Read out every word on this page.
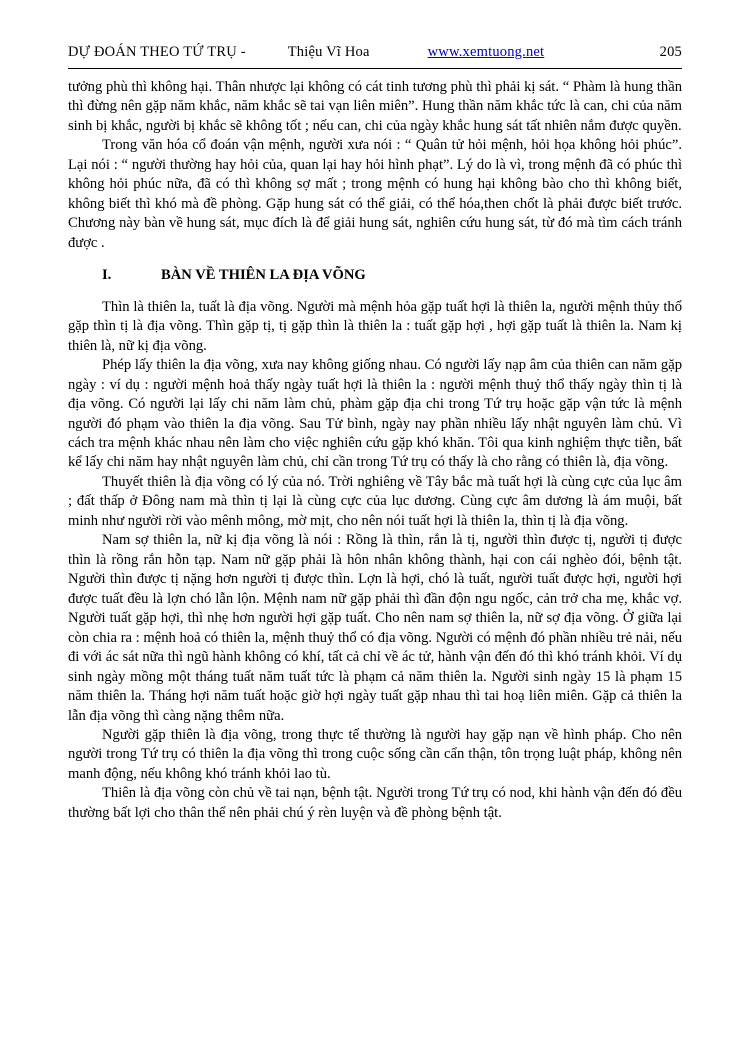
DỰ ĐOÁN THEO TỨ TRỤ -	Thiệu Vĩ Hoa	www.xemtuong.net	205

tưởng phù thì không hại. Thân nhược lại không có cát tinh tương phù thì phải kị sát. “ Phàm là hung thần thì đừng nên gặp năm khắc, năm khắc sẽ tai vạn liên miên”. Hung thần năm khắc tức là can, chi của năm sinh bị khắc, người bị khắc sẽ không tốt ; nếu can, chi của ngày khắc hung sát tất nhiên nắm được quyền.

Trong văn hóa cổ đoán vận mệnh, người xưa nói : “ Quân tử hỏi mệnh, hỏi họa không hỏi phúc”. Lại nói : “ người thường hay hỏi của, quan lại hay hỏi hình phạt”. Lý do là vì, trong mệnh đã có phúc thì không hỏi phúc nữa, đã có thì không sợ mất ; trong mệnh có hung hại không bào cho thì không biết, không biết thì khó mà đề phòng. Gặp hung sát có thể giải, có thể hóa,then chốt là phải được biết trước. Chương này bàn về hung sát, mục đích là để giải hung sát, nghiên cứu hung sát, từ đó mà tìm cách tránh được .

I.	BÀN VỀ THIÊN LA ĐỊA VÕNG

Thìn là thiên la, tuất là địa võng. Người mà mệnh hỏa gặp tuất hợi là thiên la, người mệnh thủy thổ gặp thìn tị là địa võng. Thìn gặp tị, tị gặp thìn là thiên la : tuất gặp hợi , hợi gặp tuất là thiên la. Nam kị thiên là, nữ kị địa võng.

Phép lấy thiên la địa võng, xưa nay không giống nhau. Có người lấy nạp âm của thiên can năm gặp ngày : ví dụ : người mệnh hoả thấy ngày tuất hợi là thiên la : người mệnh thuỷ thổ thấy ngày thìn tị là địa võng. Có người lại lấy chi năm làm chủ, phàm gặp địa chi trong Tứ trụ hoặc gặp vận tức là mệnh người đó phạm vào thiên la địa võng. Sau Tử bình, ngày nay phần nhiều lấy nhật nguyên làm chủ. Vì cách tra mệnh khác nhau nên làm cho việc nghiên cứu gặp khó khăn. Tôi qua kinh nghiệm thực tiễn, bất kể lấy chi năm hay nhật nguyên làm chủ, chỉ cần trong Tứ trụ có thấy là cho rằng có thiên là, địa võng.

Thuyết thiên là địa võng có lý của nó. Trời nghiêng về Tây bắc mà tuất hợi là cùng cực của lục âm ; đất thấp ở Đông nam mà thìn tị lại là cùng cực của lục dương. Cùng cực âm dương là ám muội, bất minh như người rời vào mênh mông, mờ mịt, cho nên nói tuất hợi là thiên la, thìn tị là địa võng.

Nam sợ thiên la, nữ kị địa võng là nói : Rồng là thìn, rắn là tị, người thìn được tị, người tị được thìn là rồng rắn hỗn tạp. Nam nữ gặp phải là hôn nhân không thành, hại con cái nghèo đói, bệnh tật. Người thìn được tị nặng hơn người tị được thìn. Lợn là hợi, chó là tuất, người tuất được hợi, người hợi được tuất đều là lợn chó lẫn lộn. Mệnh nam nữ gặp phải thì đần độn ngu ngốc, cản trở cha mẹ, khắc vợ. Người tuất gặp hợi, thì nhẹ hơn người hợi gặp tuất. Cho nên nam sợ thiên la, nữ sợ địa võng. Ở giữa lại còn chia ra : mệnh hoả có thiên la, mệnh thuỷ thổ có địa võng. Người có mệnh đó phần nhiều trẻ nải, nếu đi với ác sát nữa thì ngũ hành không có khí, tất cả chỉ về ác tử, hành vận đến đó thì khó tránh khỏi. Ví dụ sinh ngày mồng một tháng tuất năm tuất tức là phạm cả năm thiên la. Người sinh ngày 15 là phạm 15 năm thiên la. Tháng hợi năm tuất hoặc giờ hợi ngày tuất gặp nhau thì tai hoạ liên miên. Gặp cả thiên la lẫn địa võng thì càng nặng thêm nữa.

Người gặp thiên là địa võng, trong thực tế thường là người hay gặp nạn về hình pháp. Cho nên người trong Tứ trụ có thiên la địa võng thì trong cuộc sống cần cẩn thận, tôn trọng luật pháp, không nên manh động, nếu không khó tránh khỏi lao tù.

Thiên là địa võng còn chủ về tai nạn, bệnh tật. Người trong Tứ trụ có nod, khi hành vận đến đó đều thường bất lợi cho thân thể nên phải chú ý rèn luyện và đề phòng bệnh tật.
